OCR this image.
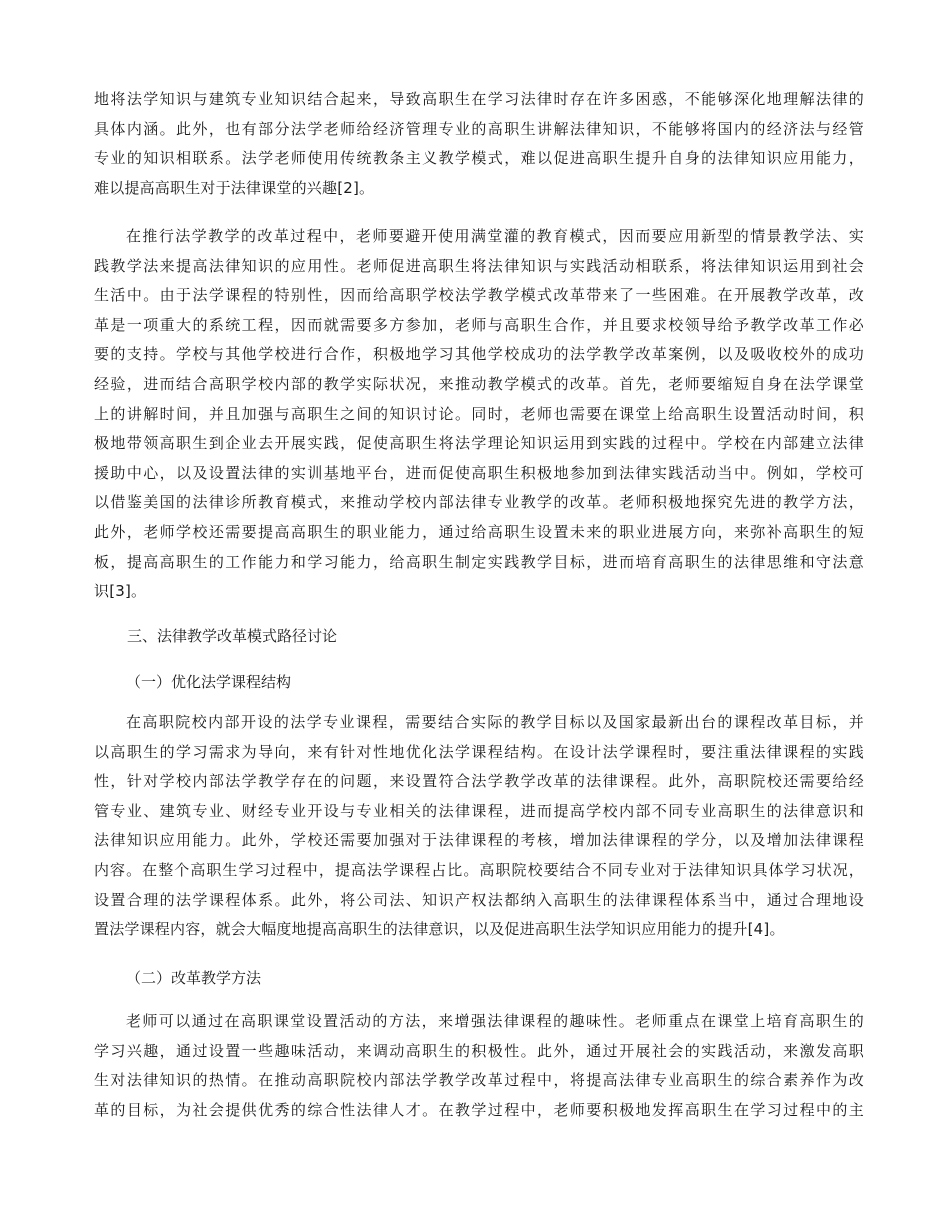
地将法学知识与建筑专业知识结合起来，导致高职生在学习法律时存在许多困惑，不能够深化地理解法律的
具体内涵。此外，也有部分法学老师给经济管理专业的高职生讲解法律知识，不能够将国内的经济法与经管
专业的知识相联系。法学老师使用传统教条主义教学模式，难以促进高职生提升自身的法律知识应用能力，
难以提高高职生对于法律课堂的兴趣[2]。
在推行法学教学的改革过程中，老师要避开使用满堂灌的教育模式，因而要应用新型的情景教学法、实
践教学法来提高法律知识的应用性。老师促进高职生将法律知识与实践活动相联系，将法律知识运用到社会
生活中。由于法学课程的特别性，因而给高职学校法学教学模式改革带来了一些困难。在开展教学改革，改
革是一项重大的系统工程，因而就需要多方参加，老师与高职生合作，并且要求校领导给予教学改革工作必
要的支持。学校与其他学校进行合作，积极地学习其他学校成功的法学教学改革案例，以及吸收校外的成功
经验，进而结合高职学校内部的教学实际状况，来推动教学模式的改革。首先，老师要缩短自身在法学课堂
上的讲解时间，并且加强与高职生之间的知识讨论。同时，老师也需要在课堂上给高职生设置活动时间，积
极地带领高职生到企业去开展实践，促使高职生将法学理论知识运用到实践的过程中。学校在内部建立法律
援助中心，以及设置法律的实训基地平台，进而促使高职生积极地参加到法律实践活动当中。例如，学校可
以借鉴美国的法律诊所教育模式，来推动学校内部法律专业教学的改革。老师积极地探究先进的教学方法，
此外，老师学校还需要提高高职生的职业能力，通过给高职生设置未来的职业进展方向，来弥补高职生的短
板，提高高职生的工作能力和学习能力，给高职生制定实践教学目标，进而培育高职生的法律思维和守法意
识[3]。
三、法律教学改革模式路径讨论
（一）优化法学课程结构
在高职院校内部开设的法学专业课程，需要结合实际的教学目标以及国家最新出台的课程改革目标，并
以高职生的学习需求为导向，来有针对性地优化法学课程结构。在设计法学课程时，要注重法律课程的实践
性，针对学校内部法学教学存在的问题，来设置符合法学教学改革的法律课程。此外，高职院校还需要给经
管专业、建筑专业、财经专业开设与专业相关的法律课程，进而提高学校内部不同专业高职生的法律意识和
法律知识应用能力。此外，学校还需要加强对于法律课程的考核，增加法律课程的学分，以及增加法律课程
内容。在整个高职生学习过程中，提高法学课程占比。高职院校要结合不同专业对于法律知识具体学习状况，
设置合理的法学课程体系。此外，将公司法、知识产权法都纳入高职生的法律课程体系当中，通过合理地设
置法学课程内容，就会大幅度地提高高职生的法律意识，以及促进高职生法学知识应用能力的提升[4]。
（二）改革教学方法
老师可以通过在高职课堂设置活动的方法，来增强法律课程的趣味性。老师重点在课堂上培育高职生的
学习兴趣，通过设置一些趣味活动，来调动高职生的积极性。此外，通过开展社会的实践活动，来激发高职
生对法律知识的热情。在推动高职院校内部法学教学改革过程中，将提高法律专业高职生的综合素养作为改
革的目标，为社会提供优秀的综合性法律人才。在教学过程中，老师要积极地发挥高职生在学习过程中的主
